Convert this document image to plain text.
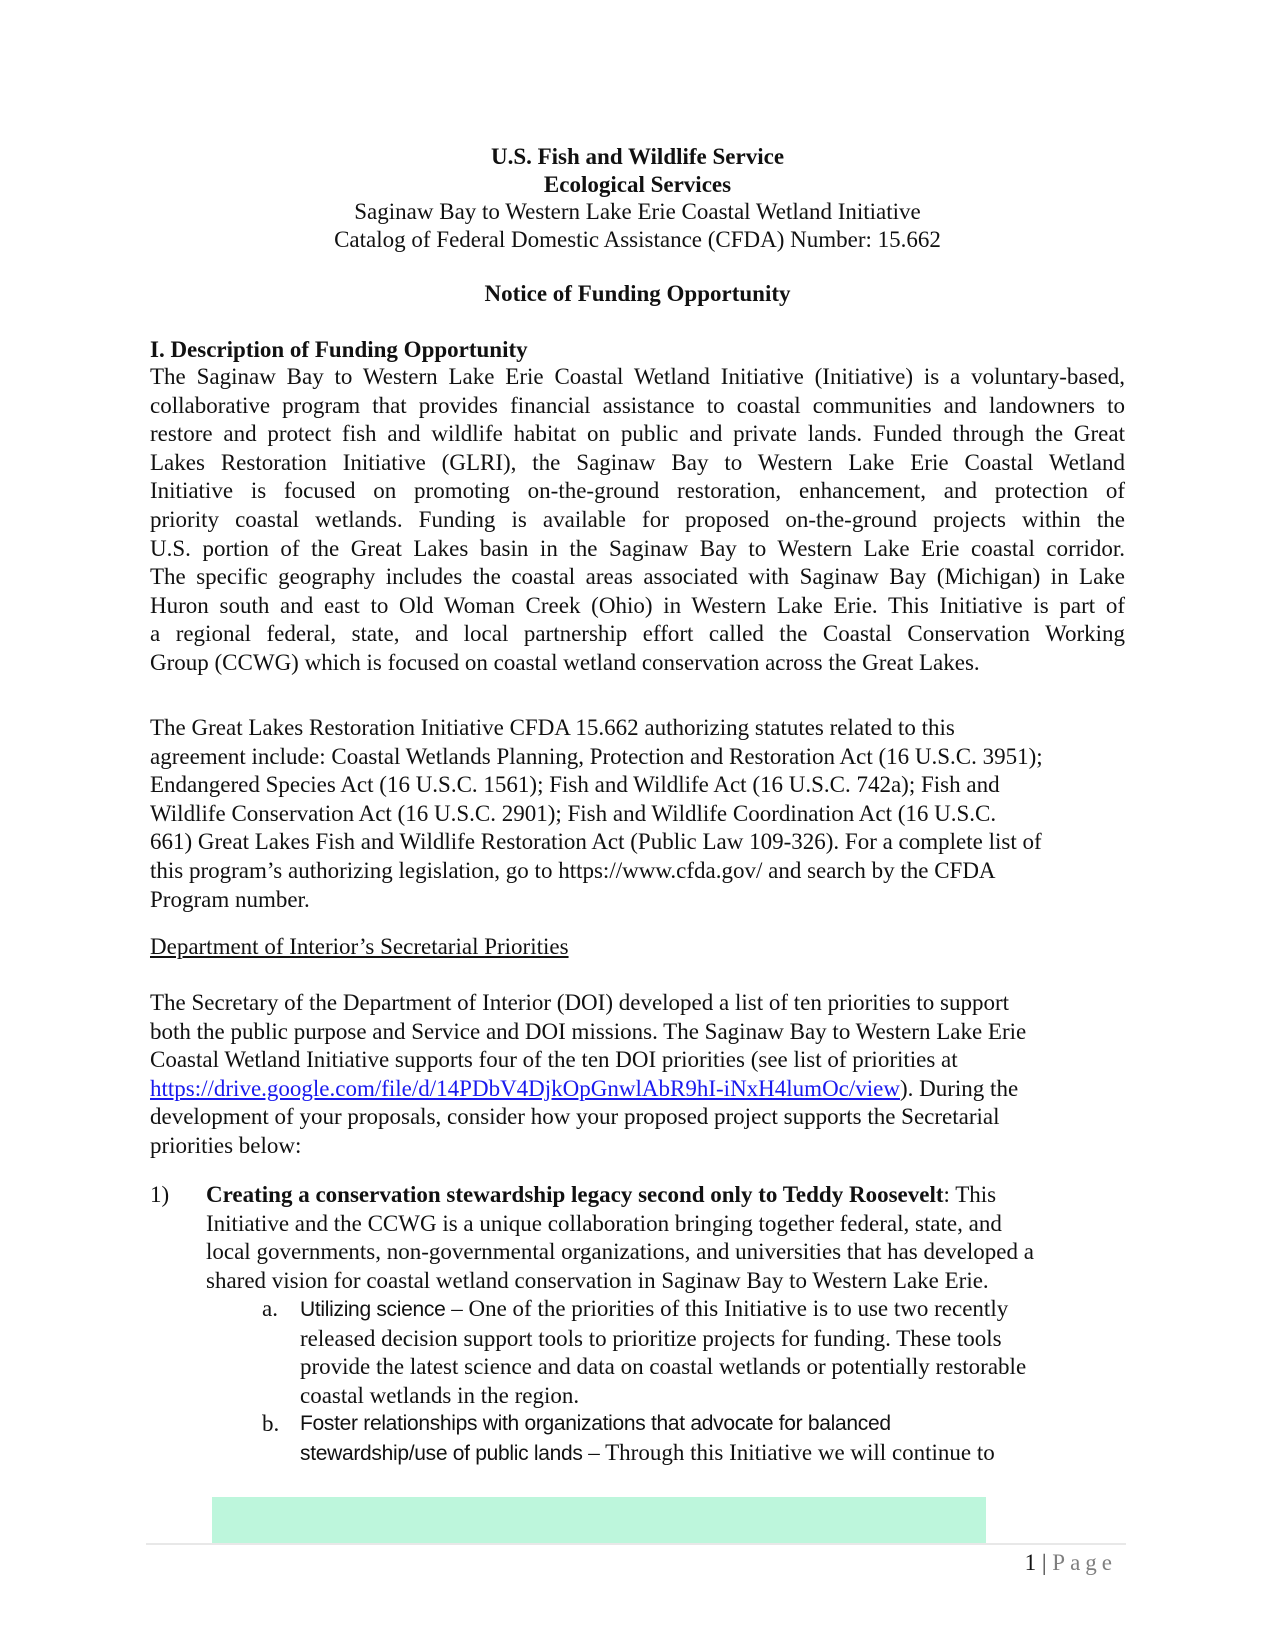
U.S. Fish and Wildlife Service
Ecological Services
Saginaw Bay to Western Lake Erie Coastal Wetland Initiative
Catalog of Federal Domestic Assistance (CFDA) Number: 15.662
Notice of Funding Opportunity
I. Description of Funding Opportunity
The Saginaw Bay to Western Lake Erie Coastal Wetland Initiative (Initiative) is a voluntary-based,
collaborative program that provides financial assistance to coastal communities and landowners to
restore and protect fish and wildlife habitat on public and private lands. Funded through the Great
Lakes Restoration Initiative (GLRI), the Saginaw Bay to Western Lake Erie Coastal Wetland
Initiative is focused on promoting on-the-ground restoration, enhancement, and protection of
priority coastal wetlands. Funding is available for proposed on-the-ground projects within the
U.S. portion of the Great Lakes basin in the Saginaw Bay to Western Lake Erie coastal corridor.
The specific geography includes the coastal areas associated with Saginaw Bay (Michigan) in Lake
Huron south and east to Old Woman Creek (Ohio) in Western Lake Erie. This Initiative is part of
a regional federal, state, and local partnership effort called the Coastal Conservation Working
Group (CCWG) which is focused on coastal wetland conservation across the Great Lakes.
The Great Lakes Restoration Initiative CFDA 15.662 authorizing statutes related to this
agreement include: Coastal Wetlands Planning, Protection and Restoration Act (16 U.S.C. 3951);
Endangered Species Act (16 U.S.C. 1561); Fish and Wildlife Act (16 U.S.C. 742a); Fish and
Wildlife Conservation Act (16 U.S.C. 2901); Fish and Wildlife Coordination Act (16 U.S.C.
661) Great Lakes Fish and Wildlife Restoration Act (Public Law 109-326). For a complete list of
this program’s authorizing legislation, go to https://www.cfda.gov/ and search by the CFDA
Program number.
Department of Interior’s Secretarial Priorities
The Secretary of the Department of Interior (DOI) developed a list of ten priorities to support
both the public purpose and Service and DOI missions. The Saginaw Bay to Western Lake Erie
Coastal Wetland Initiative supports four of the ten DOI priorities (see list of priorities at
https://drive.google.com/file/d/14PDbV4DjkOpGnwlAbR9hI-iNxH4lumOc/view). During the
development of your proposals, consider how your proposed project supports the Secretarial
priorities below:
1) Creating a conservation stewardship legacy second only to Teddy Roosevelt: This
Initiative and the CCWG is a unique collaboration bringing together federal, state, and
local governments, non-governmental organizations, and universities that has developed a
shared vision for coastal wetland conservation in Saginaw Bay to Western Lake Erie.
a. Utilizing science – One of the priorities of this Initiative is to use two recently
released decision support tools to prioritize projects for funding. These tools
provide the latest science and data on coastal wetlands or potentially restorable
coastal wetlands in the region.
b. Foster relationships with organizations that advocate for balanced
stewardship/use of public lands – Through this Initiative we will continue to
1 | Page
